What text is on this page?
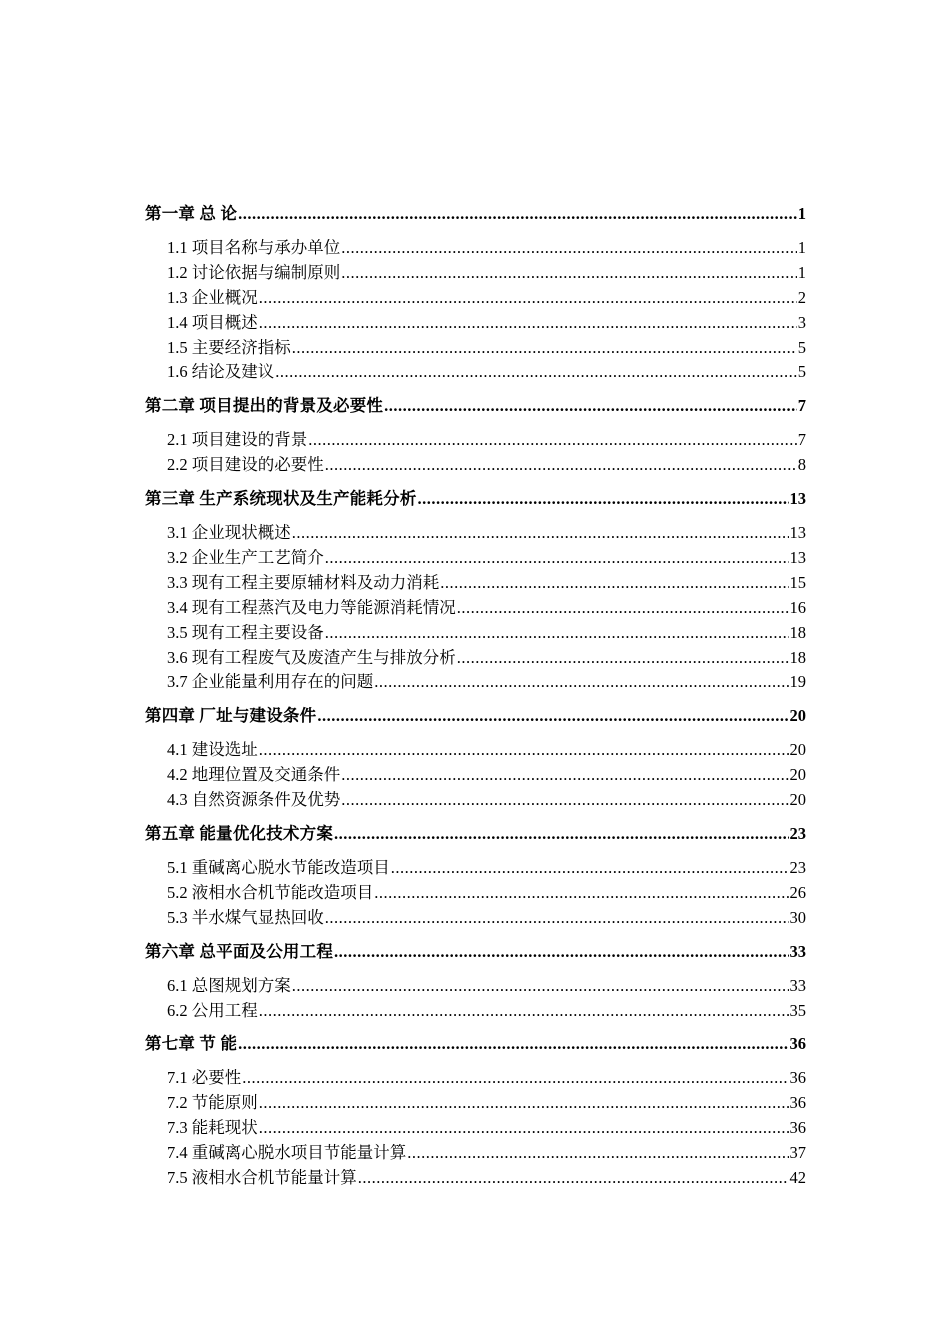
第一章 总 论 .....	1
1.1 项目名称与承办单位 .....	1
1.2 讨论依据与编制原则 .....	1
1.3 企业概况 .....	2
1.4 项目概述 .....	3
1.5 主要经济指标 .....	5
1.6 结论及建议 .....	5
第二章 项目提出的背景及必要性 .....	7
2.1 项目建设的背景 .....	7
2.2 项目建设的必要性 .....	8
第三章 生产系统现状及生产能耗分析 .....	13
3.1 企业现状概述 .....	13
3.2 企业生产工艺简介 .....	13
3.3 现有工程主要原辅材料及动力消耗 .....	15
3.4 现有工程蒸汽及电力等能源消耗情况 .....	16
3.5 现有工程主要设备 .....	18
3.6 现有工程废气及废渣产生与排放分析 .....	18
3.7 企业能量利用存在的问题 .....	19
第四章 厂址与建设条件 .....	20
4.1 建设选址 .....	20
4.2 地理位置及交通条件 .....	20
4.3 自然资源条件及优势 .....	20
第五章 能量优化技术方案 .....	23
5.1 重碱离心脱水节能改造项目 .....	23
5.2 液相水合机节能改造项目 .....	26
5.3 半水煤气显热回收 .....	30
第六章 总平面及公用工程 .....	33
6.1 总图规划方案 .....	33
6.2 公用工程 .....	35
第七章 节 能 .....	36
7.1 必要性 .....	36
7.2 节能原则 .....	36
7.3 能耗现状 .....	36
7.4 重碱离心脱水项目节能量计算 .....	37
7.5 液相水合机节能量计算 .....	42
